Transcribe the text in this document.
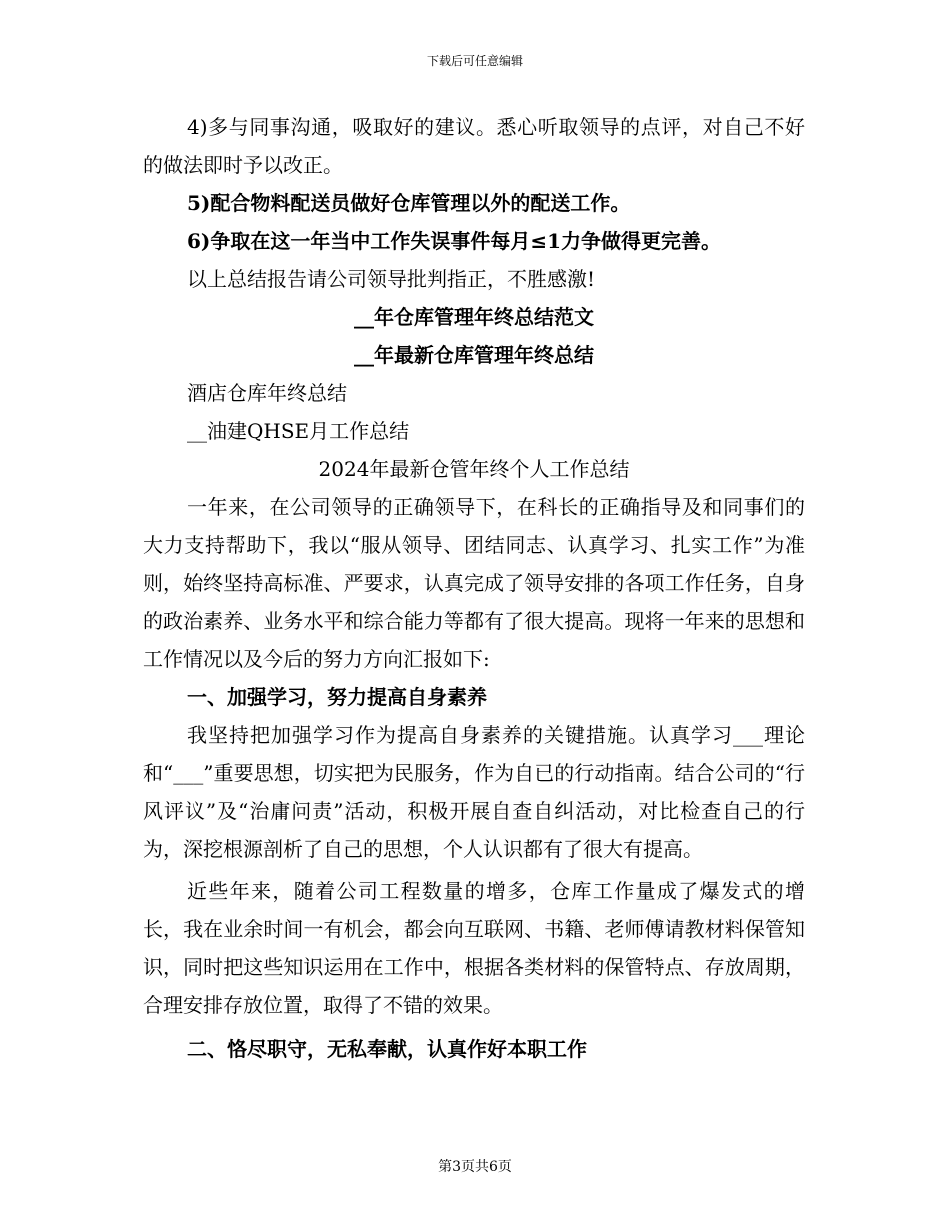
下载后可任意编辑

4)多与同事沟通，吸取好的建议。悉心听取领导的点评，对自己不好的做法即时予以改正。

5)配合物料配送员做好仓库管理以外的配送工作。

6)争取在这一年当中工作失误事件每月≤1力争做得更完善。

以上总结报告请公司领导批判指正，不胜感激!

__年仓库管理年终总结范文

__年最新仓库管理年终总结

酒店仓库年终总结

__油建QHSE月工作总结

2024年最新仓管年终个人工作总结

一年来，在公司领导的正确领导下，在科长的正确指导及和同事们的大力支持帮助下，我以“服从领导、团结同志、认真学习、扎实工作”为准则，始终坚持高标准、严要求，认真完成了领导安排的各项工作任务，自身的政治素养、业务水平和综合能力等都有了很大提高。现将一年来的思想和工作情况以及今后的努力方向汇报如下:

一、加强学习，努力提高自身素养

我坚持把加强学习作为提高自身素养的关键措施。认真学习___理论和“___”重要思想，切实把为民服务，作为自已的行动指南。结合公司的“行风评议”及“治庸问责”活动，积极开展自查自纠活动，对比检查自己的行为，深挖根源剖析了自己的思想，个人认识都有了很大有提高。

近些年来，随着公司工程数量的增多，仓库工作量成了爆发式的增长，我在业余时间一有机会，都会向互联网、书籍、老师傅请教材料保管知识，同时把这些知识运用在工作中，根据各类材料的保管特点、存放周期，合理安排存放位置，取得了不错的效果。

二、恪尽职守，无私奉献，认真作好本职工作

第3页共6页
